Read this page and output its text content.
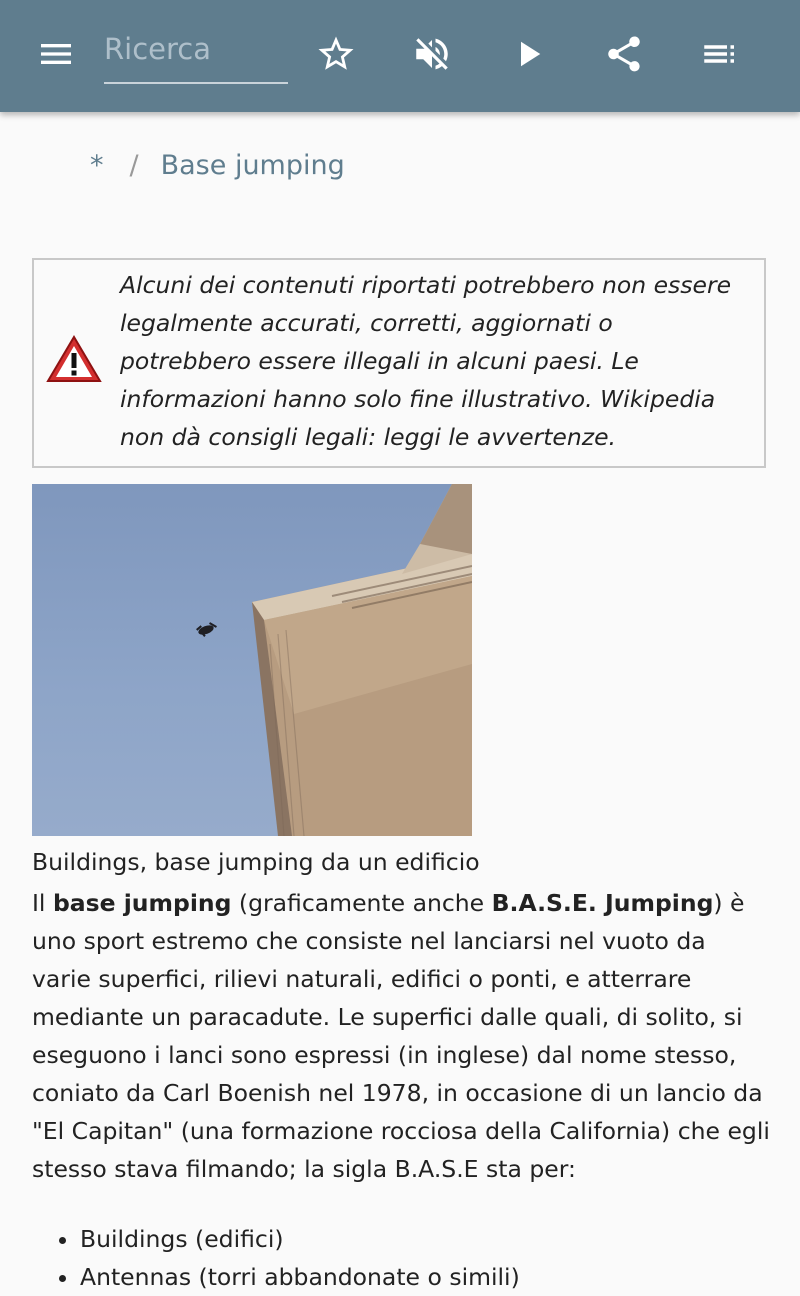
Ricerca
* / Base jumping
Alcuni dei contenuti riportati potrebbero non essere legalmente accurati, corretti, aggiornati o potrebbero essere illegali in alcuni paesi. Le informazioni hanno solo fine illustrativo. Wikipedia non dà consigli legali: leggi le avvertenze.
Buildings, base jumping da un edificio
Il base jumping (graficamente anche B.A.S.E. Jumping) è uno sport estremo che consiste nel lanciarsi nel vuoto da varie superfici, rilievi naturali, edifici o ponti, e atterrare mediante un paracadute. Le superfici dalle quali, di solito, si eseguono i lanci sono espressi (in inglese) dal nome stesso, coniato da Carl Boenish nel 1978, in occasione di un lancio da "El Capitan" (una formazione rocciosa della California) che egli stesso stava filmando; la sigla B.A.S.E sta per:
• Buildings (edifici)
• Antennas (torri abbandonate o simili)
